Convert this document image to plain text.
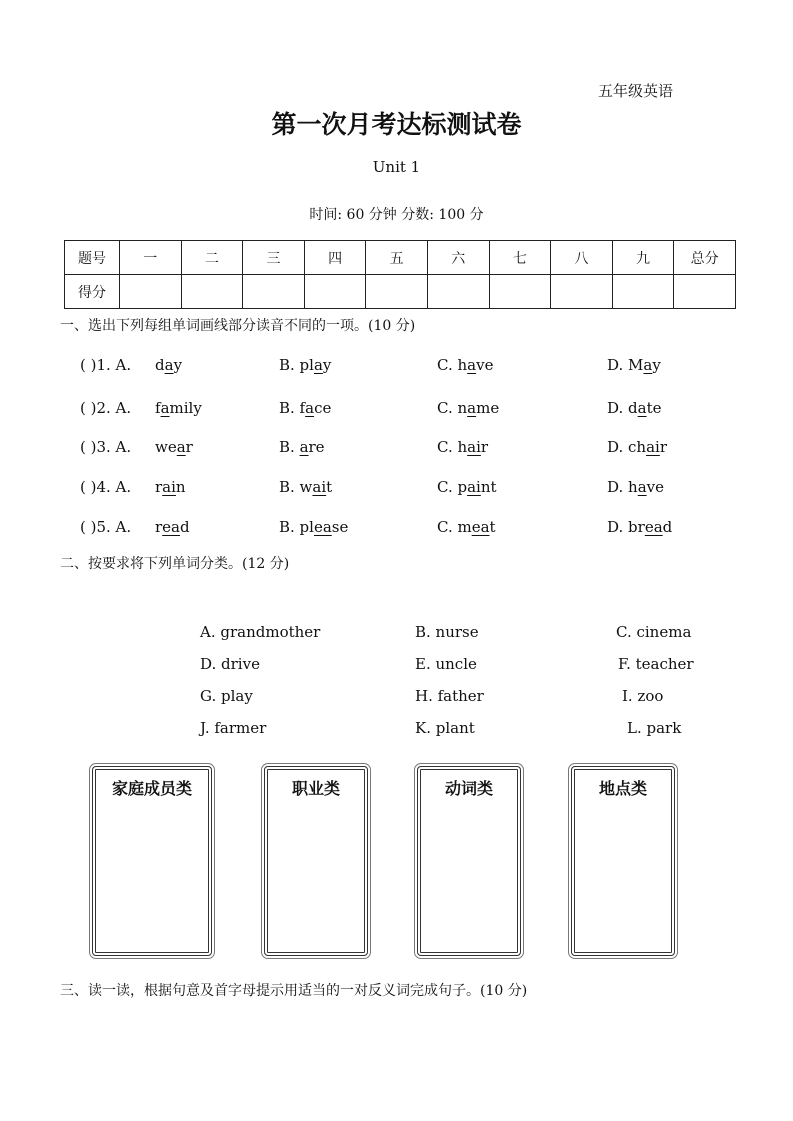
五年级英语
第一次月考达标测试卷
Unit 1
时间: 60 分钟 分数: 100 分
题号	一	二	三	四	五	六	七	八	九	总分
得分										
一、选出下列每组单词画线部分读音不同的一项。(10 分)
( )1. A. day	B. play	C. have	D. May
( )2. A. family	B. face	C. name	D. date
( )3. A. wear	B. are	C. hair	D. chair
( )4. A. rain	B. wait	C. paint	D. have
( )5. A. read	B. please	C. meat	D. bread
二、按要求将下列单词分类。(12 分)
A. grandmother	B. nurse	C. cinema
D. drive	E. uncle	F. teacher
G. play	H. father	I. zoo
J. farmer	K. plant	L. park
家庭成员类	职业类	动词类	地点类
三、读一读，根据句意及首字母提示用适当的一对反义词完成句子。(10 分)
